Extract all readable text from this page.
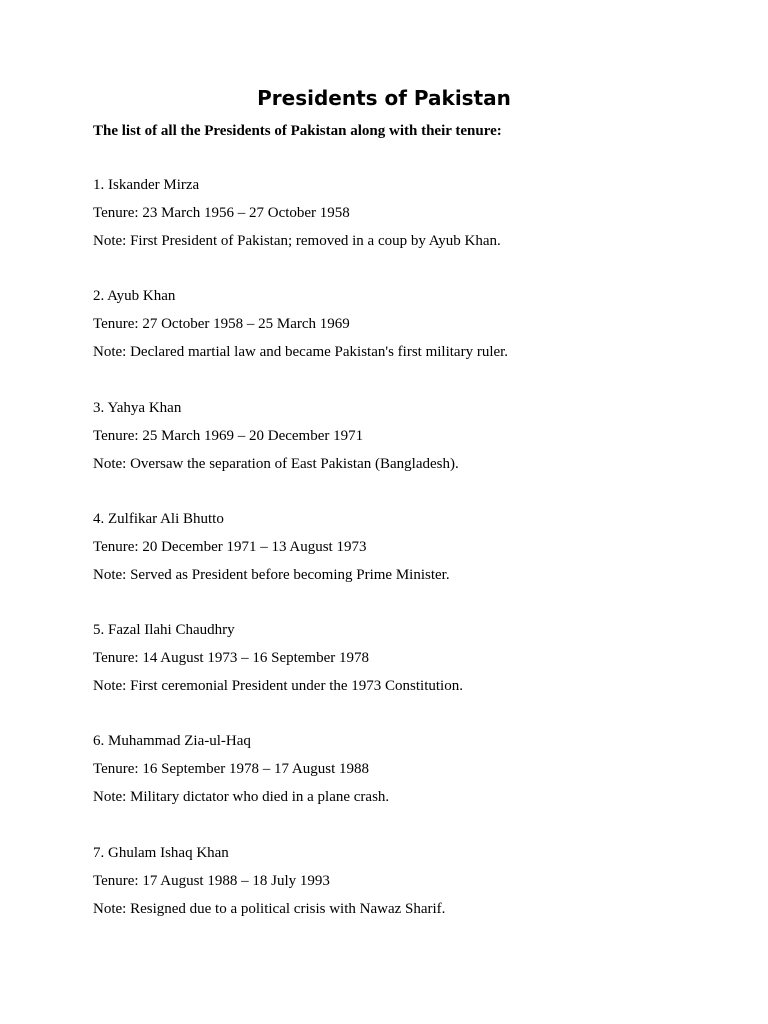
Presidents of Pakistan

The list of all the Presidents of Pakistan along with their tenure:

1. Iskander Mirza

Tenure: 23 March 1956 – 27 October 1958

Note: First President of Pakistan; removed in a coup by Ayub Khan.

2. Ayub Khan

Tenure: 27 October 1958 – 25 March 1969

Note: Declared martial law and became Pakistan's first military ruler.

3. Yahya Khan

Tenure: 25 March 1969 – 20 December 1971

Note: Oversaw the separation of East Pakistan (Bangladesh).

4. Zulfikar Ali Bhutto

Tenure: 20 December 1971 – 13 August 1973

Note: Served as President before becoming Prime Minister.

5. Fazal Ilahi Chaudhry

Tenure: 14 August 1973 – 16 September 1978

Note: First ceremonial President under the 1973 Constitution.

6. Muhammad Zia-ul-Haq

Tenure: 16 September 1978 – 17 August 1988

Note: Military dictator who died in a plane crash.

7. Ghulam Ishaq Khan

Tenure: 17 August 1988 – 18 July 1993

Note: Resigned due to a political crisis with Nawaz Sharif.
